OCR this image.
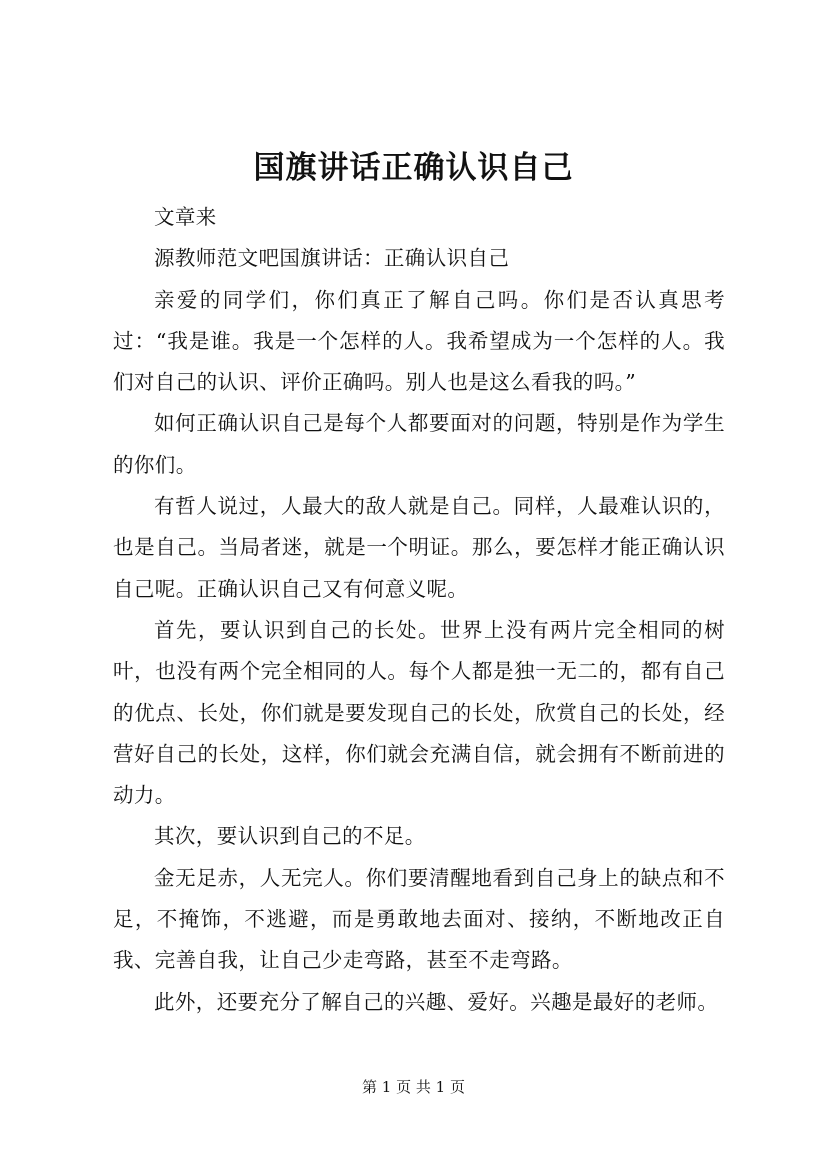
国旗讲话正确认识自己

文章来

源教师范文吧国旗讲话：正确认识自己

亲爱的同学们，你们真正了解自己吗。你们是否认真思考过：“我是谁。我是一个怎样的人。我希望成为一个怎样的人。我们对自己的认识、评价正确吗。别人也是这么看我的吗。”

如何正确认识自己是每个人都要面对的问题，特别是作为学生的你们。

有哲人说过，人最大的敌人就是自己。同样，人最难认识的，也是自己。当局者迷，就是一个明证。那么，要怎样才能正确认识自己呢。正确认识自己又有何意义呢。

首先，要认识到自己的长处。世界上没有两片完全相同的树叶，也没有两个完全相同的人。每个人都是独一无二的，都有自己的优点、长处，你们就是要发现自己的长处，欣赏自己的长处，经营好自己的长处，这样，你们就会充满自信，就会拥有不断前进的动力。

其次，要认识到自己的不足。

金无足赤，人无完人。你们要清醒地看到自己身上的缺点和不足，不掩饰，不逃避，而是勇敢地去面对、接纳，不断地改正自我、完善自我，让自己少走弯路，甚至不走弯路。

此外，还要充分了解自己的兴趣、爱好。兴趣是最好的老师。

第 1 页 共 1 页
